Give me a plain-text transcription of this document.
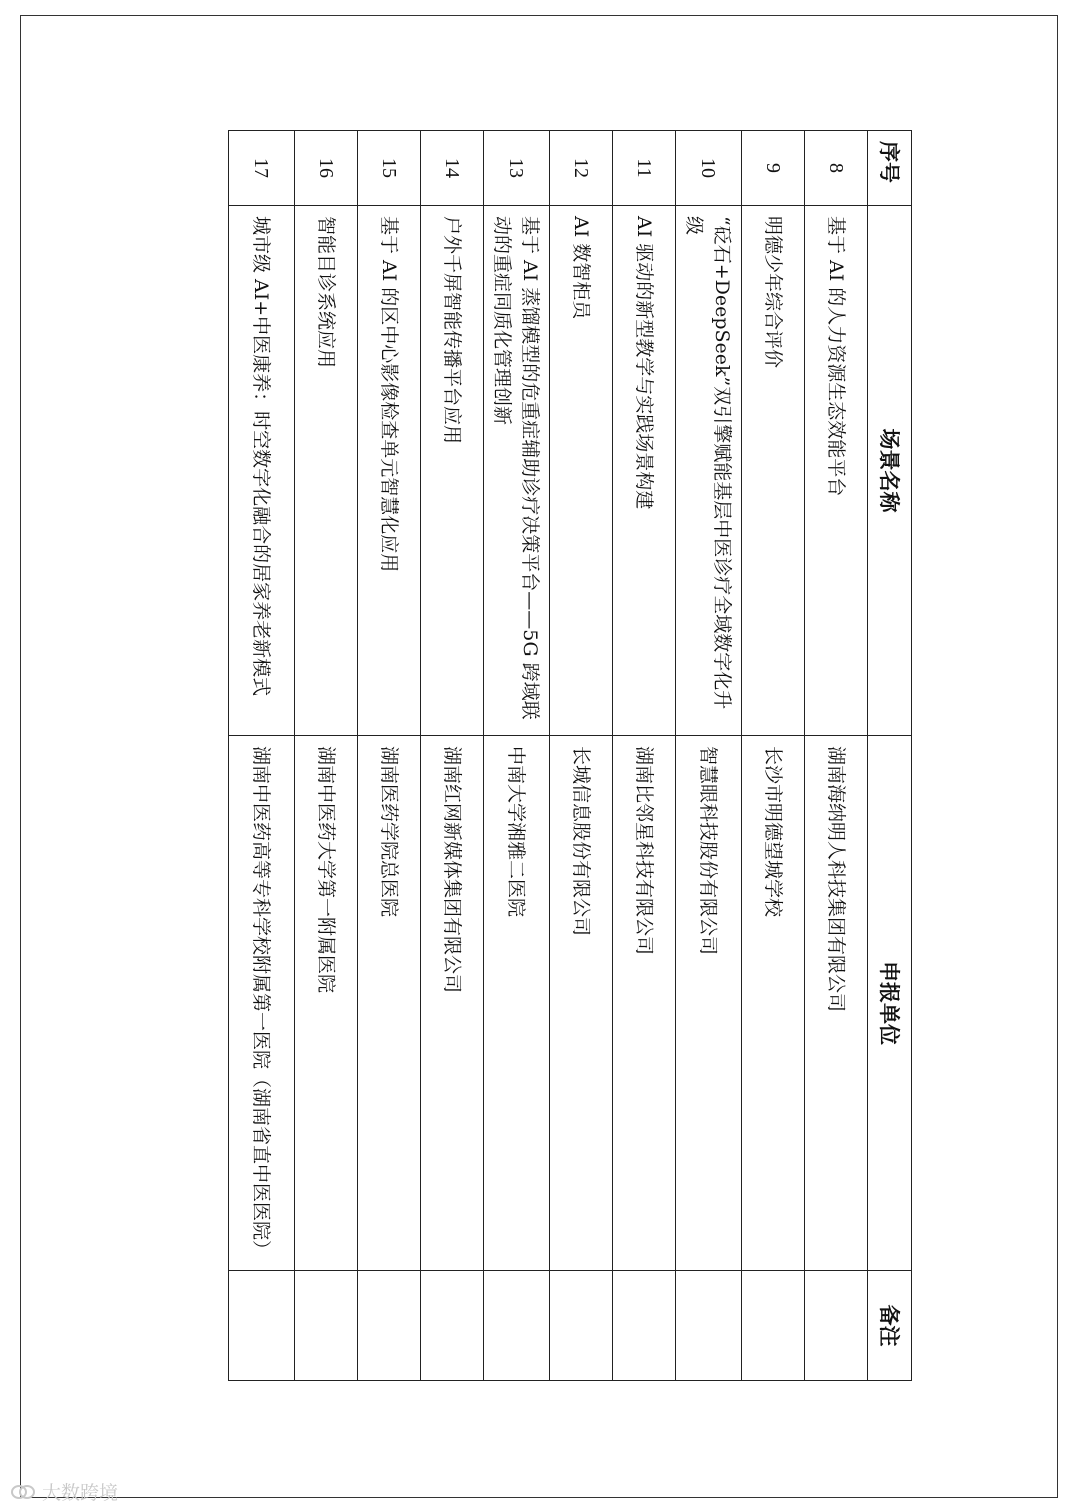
序号	场景名称	申报单位	备注
8	基于 AI 的人力资源生态效能平台	湖南海纳明人科技集团有限公司	
9	明德少年综合评价	长沙市明德望城学校	
10	“砭石+DeepSeek”双引擎赋能基层中医诊疗全域数字化升级	智慧眼科技股份有限公司	
11	AI 驱动的新型教学与实践场景构建	湖南比邻星科技有限公司	
12	AI 数智柜员	长城信息股份有限公司	
13	基于 AI 蒸馏模型的危重症辅助诊疗决策平台——5G 跨域联动的重症同质化管理创新	中南大学湘雅二医院	
14	户外千屏智能传播平台应用	湖南红网新媒体集团有限公司	
15	基于 AI 的区中心影像检查单元智慧化应用	湖南医药学院总医院	
16	智能目诊系统应用	湖南中医药大学第一附属医院	
17	城市级 AI+中医康养：时空数字化融合的居家养老新模式	湖南中医药高等专科学校附属第一医院（湖南省直中医医院）	
大数跨境
